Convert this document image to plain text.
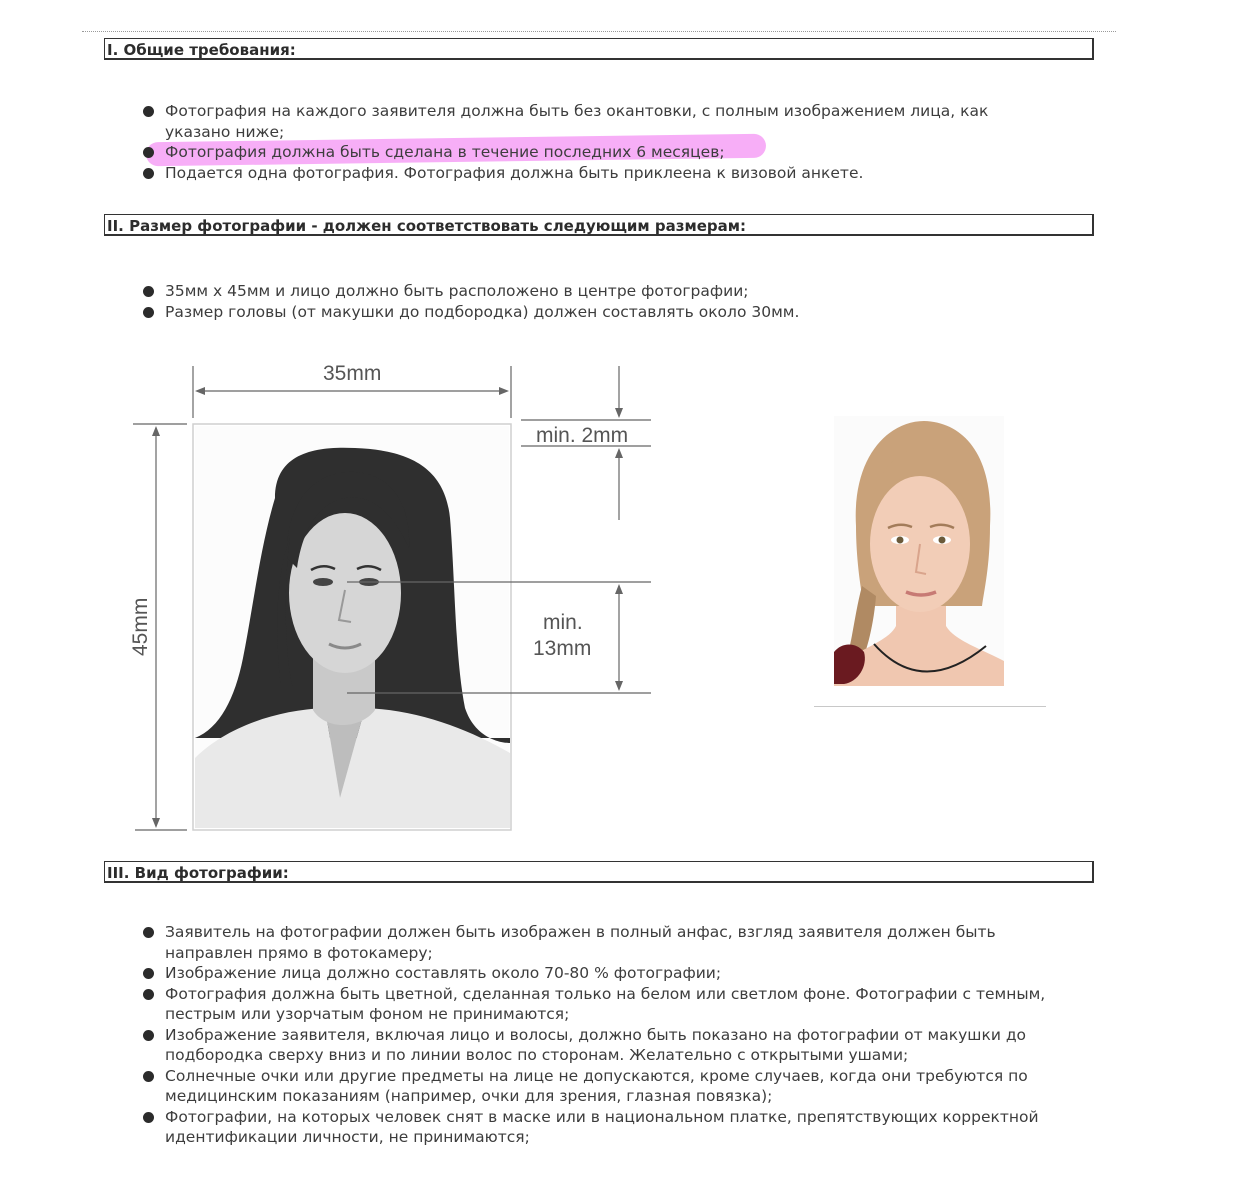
I. Общие требования:
Фотография на каждого заявителя должна быть без окантовки, с полным изображением лица, как
указано ниже;
Фотография должна быть сделана в течение последних 6 месяцев;
Подается одна фотография. Фотография должна быть приклеена к визовой анкете.
II. Размер фотографии - должен соответствовать следующим размерам:
35мм х 45мм и лицо должно быть расположено в центре фотографии;
Размер головы (от макушки до подбородка) должен составлять около 30мм.
35mm
45mm
min. 2mm
min.
13mm
III. Вид фотографии:
Заявитель на фотографии должен быть изображен в полный анфас, взгляд заявителя должен быть
направлен прямо в фотокамеру;
Изображение лица должно составлять около 70-80 % фотографии;
Фотография должна быть цветной, сделанная только на белом или светлом фоне. Фотографии с темным,
пестрым или узорчатым фоном не принимаются;
Изображение заявителя, включая лицо и волосы, должно быть показано на фотографии от макушки до
подбородка сверху вниз и по линии волос по сторонам. Желательно с открытыми ушами;
Солнечные очки или другие предметы на лице не допускаются, кроме случаев, когда они требуются по
медицинским показаниям (например, очки для зрения, глазная повязка);
Фотографии, на которых человек снят в маске или в национальном платке, препятствующих корректной
идентификации личности, не принимаются;
